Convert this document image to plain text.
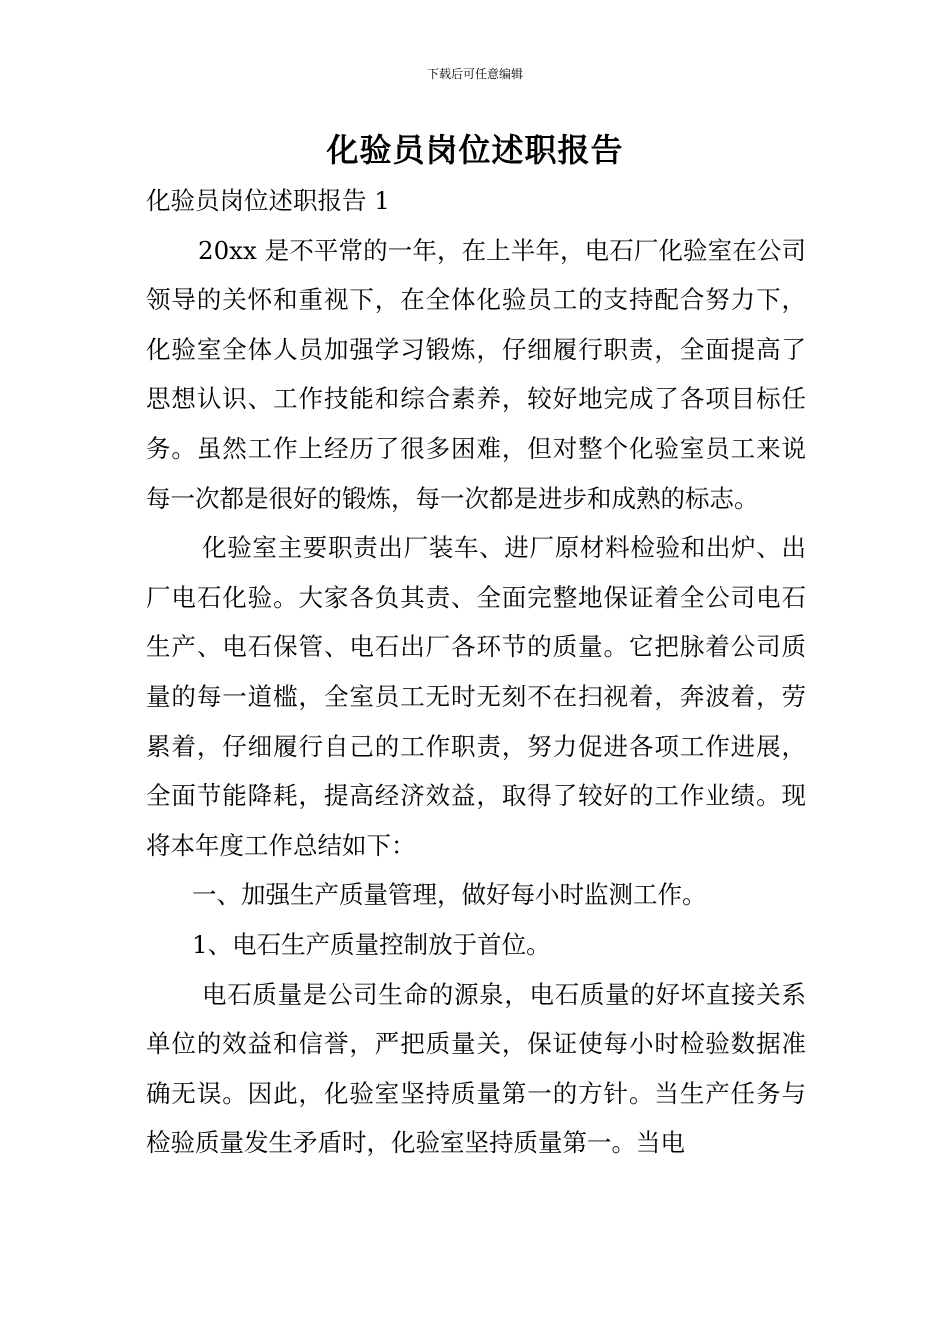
下载后可任意编辑
化验员岗位述职报告

化验员岗位述职报告 1

20xx 是不平常的一年，在上半年，电石厂化验室在公司领导的关怀和重视下，在全体化验员工的支持配合努力下，化验室全体人员加强学习锻炼，仔细履行职责，全面提高了思想认识、工作技能和综合素养，较好地完成了各项目标任务。虽然工作上经历了很多困难，但对整个化验室员工来说每一次都是很好的锻炼，每一次都是进步和成熟的标志。

化验室主要职责出厂装车、进厂原材料检验和出炉、出厂电石化验。大家各负其责、全面完整地保证着全公司电石生产、电石保管、电石出厂各环节的质量。它把脉着公司质量的每一道槛，全室员工无时无刻不在扫视着，奔波着，劳累着，仔细履行自己的工作职责，努力促进各项工作进展，全面节能降耗，提高经济效益，取得了较好的工作业绩。现将本年度工作总结如下：

一、加强生产质量管理，做好每小时监测工作。

1、电石生产质量控制放于首位。

电石质量是公司生命的源泉，电石质量的好坏直接关系单位的效益和信誉，严把质量关，保证使每小时检验数据准确无误。因此，化验室坚持质量第一的方针。当生产任务与检验质量发生矛盾时，化验室坚持质量第一。当电
